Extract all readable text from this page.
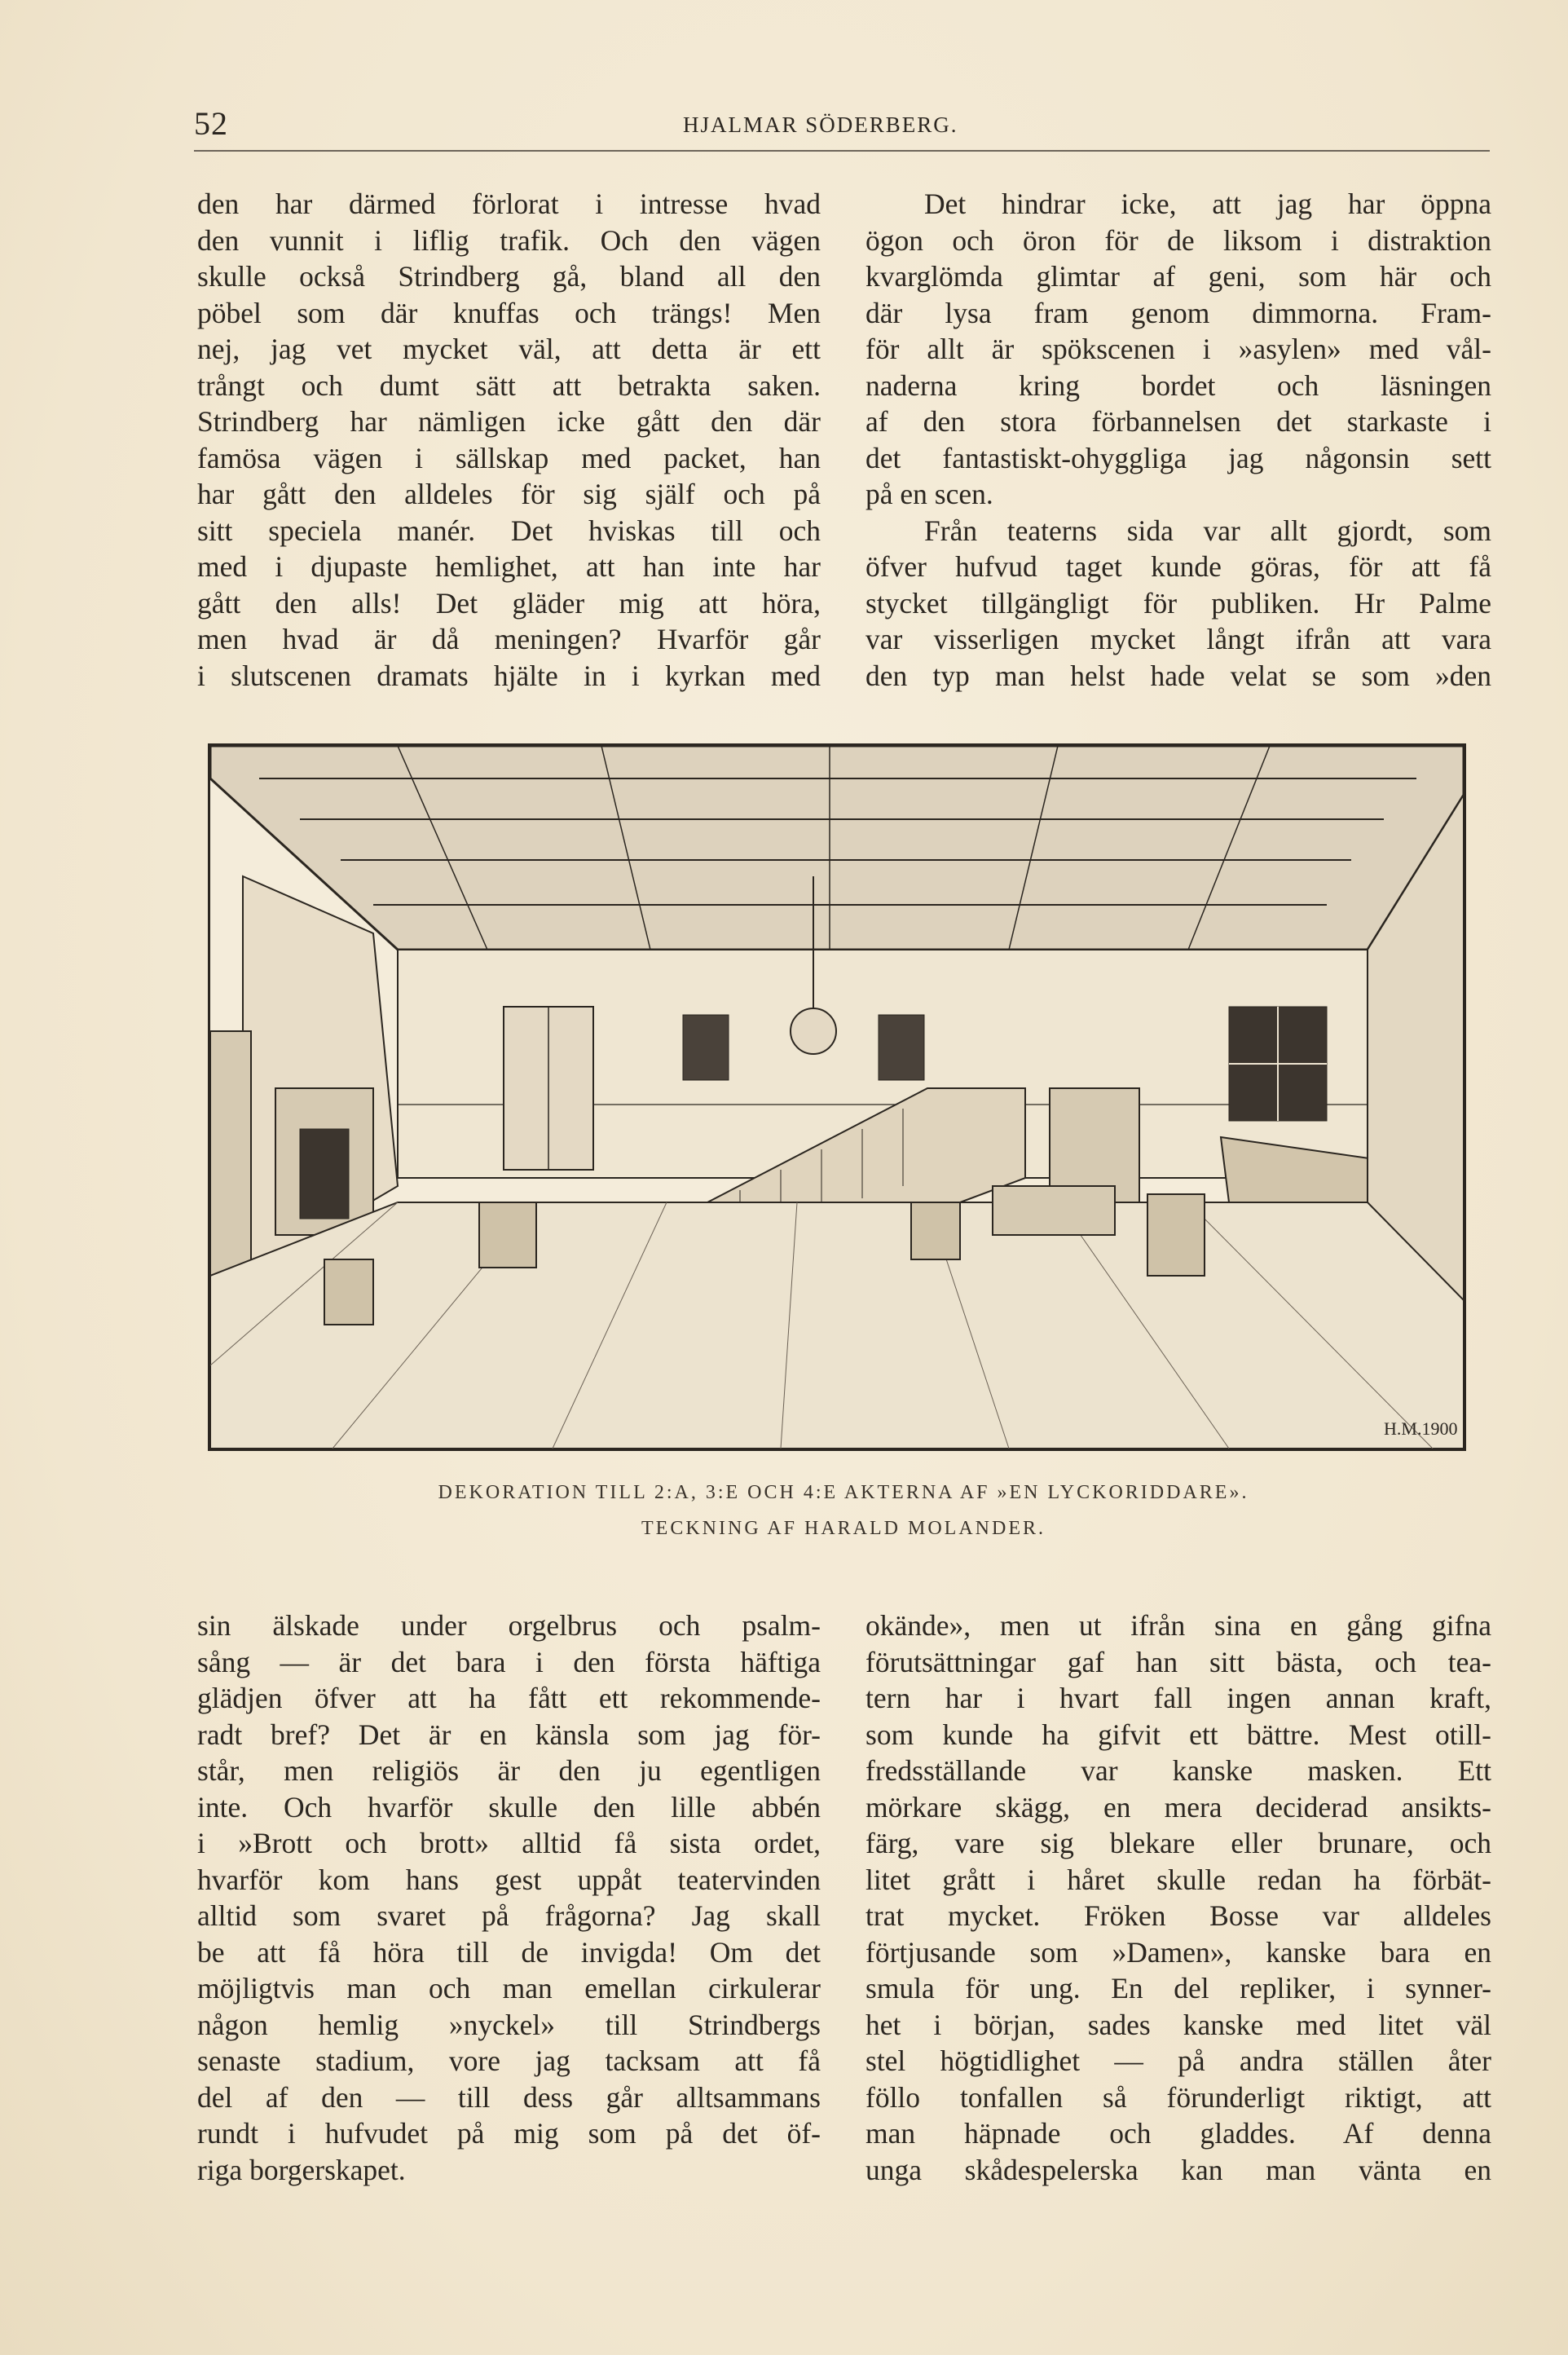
52	HJALMAR SÖDERBERG.
den har därmed förlorat i intresse hvad
den vunnit i liflig trafik. Och den vägen
skulle också Strindberg gå, bland all den
pöbel som där knuffas och trängs! Men
nej, jag vet mycket väl, att detta är ett
trångt och dumt sätt att betrakta saken.
Strindberg har nämligen icke gått den där
famösa vägen i sällskap med packet, han
har gått den alldeles för sig själf och på
sitt speciela manér. Det hviskas till och
med i djupaste hemlighet, att han inte har
gått den alls! Det gläder mig att höra,
men hvad är då meningen? Hvarför går
i slutscenen dramats hjälte in i kyrkan med
Det hindrar icke, att jag har öppna
ögon och öron för de liksom i distraktion
kvarglömda glimtar af geni, som här och
där lysa fram genom dimmorna. Fram-
för allt är spökscenen i »asylen» med vål-
naderna kring bordet och läsningen
af den stora förbannelsen det starkaste i
det fantastiskt-ohyggliga jag någonsin sett
på en scen.
Från teaterns sida var allt gjordt, som
öfver hufvud taget kunde göras, för att få
stycket tillgängligt för publiken. Hr Palme
var visserligen mycket långt ifrån att vara
den typ man helst hade velat se som »den
H.M.1900
DEKORATION TILL 2:A, 3:E OCH 4:E AKTERNA AF »EN LYCKORIDDARE».
TECKNING AF HARALD MOLANDER.
sin älskade under orgelbrus och psalm-
sång — är det bara i den första häftiga
glädjen öfver att ha fått ett rekommende-
radt bref? Det är en känsla som jag för-
står, men religiös är den ju egentligen
inte. Och hvarför skulle den lille abbén
i »Brott och brott» alltid få sista ordet,
hvarför kom hans gest uppåt teatervinden
alltid som svaret på frågorna? Jag skall
be att få höra till de invigda! Om det
möjligtvis man och man emellan cirkulerar
någon hemlig »nyckel» till Strindbergs
senaste stadium, vore jag tacksam att få
del af den — till dess går alltsammans
rundt i hufvudet på mig som på det öf-
riga borgerskapet.
okände», men ut ifrån sina en gång gifna
förutsättningar gaf han sitt bästa, och tea-
tern har i hvart fall ingen annan kraft,
som kunde ha gifvit ett bättre. Mest otill-
fredsställande var kanske masken. Ett
mörkare skägg, en mera deciderad ansikts-
färg, vare sig blekare eller brunare, och
litet grått i håret skulle redan ha förbät-
trat mycket. Fröken Bosse var alldeles
förtjusande som »Damen», kanske bara en
smula för ung. En del repliker, i synner-
het i början, sades kanske med litet väl
stel högtidlighet — på andra ställen åter
föllo tonfallen så förunderligt riktigt, att
man häpnade och gladdes. Af denna
unga skådespelerska kan man vänta en
